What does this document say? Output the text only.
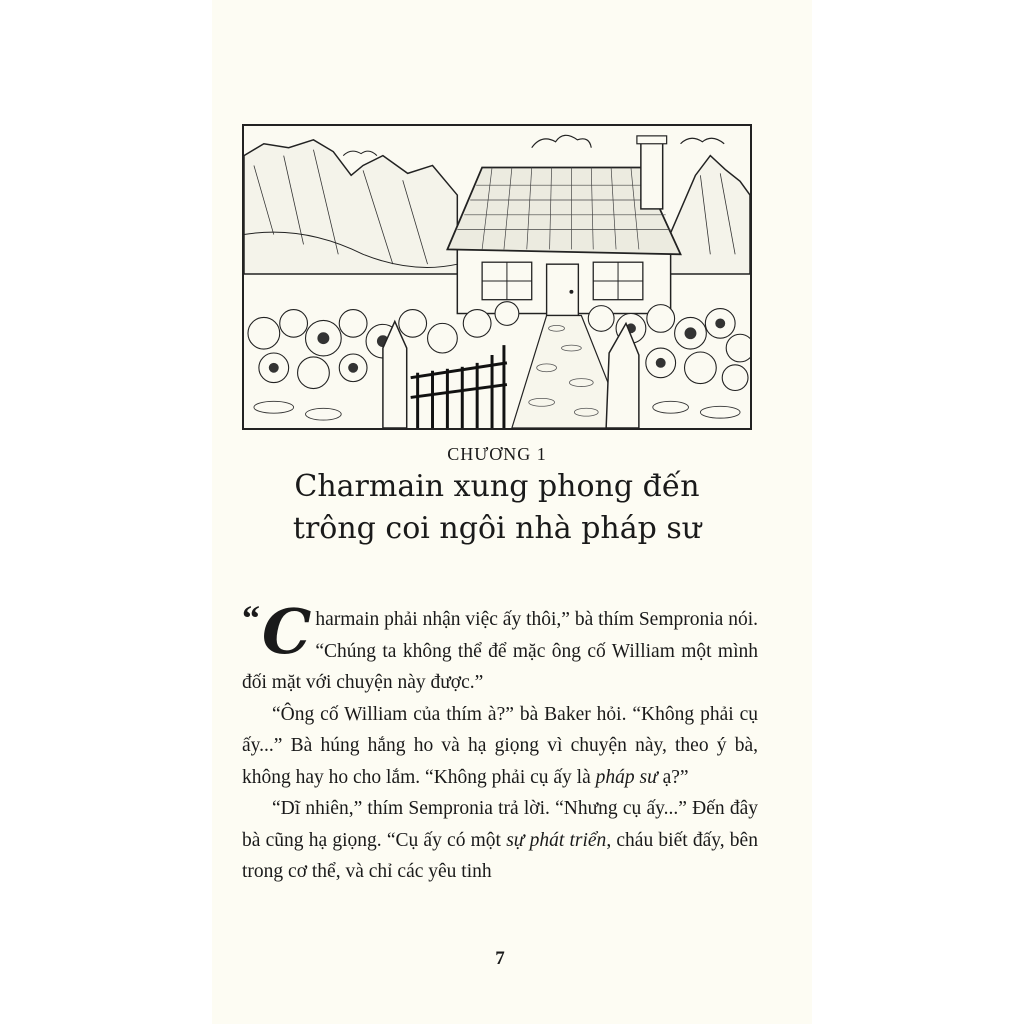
CHƯƠNG 1
Charmain xung phong đến
trông coi ngôi nhà pháp sư

“ C harmain phải nhận việc ấy thôi,” bà thím Sempronia nói. “Chúng ta không thể để mặc ông cố William một mình đối mặt với chuyện này được.”

“Ông cố William của thím à?” bà Baker hỏi. “Không phải cụ ấy...” Bà húng hắng ho và hạ giọng vì chuyện này, theo ý bà, không hay ho cho lắm. “Không phải cụ ấy là pháp sư ạ?”

“Dĩ nhiên,” thím Sempronia trả lời. “Nhưng cụ ấy...” Đến đây bà cũng hạ giọng. “Cụ ấy có một sự phát triển, cháu biết đấy, bên trong cơ thể, và chỉ các yêu tinh

7
